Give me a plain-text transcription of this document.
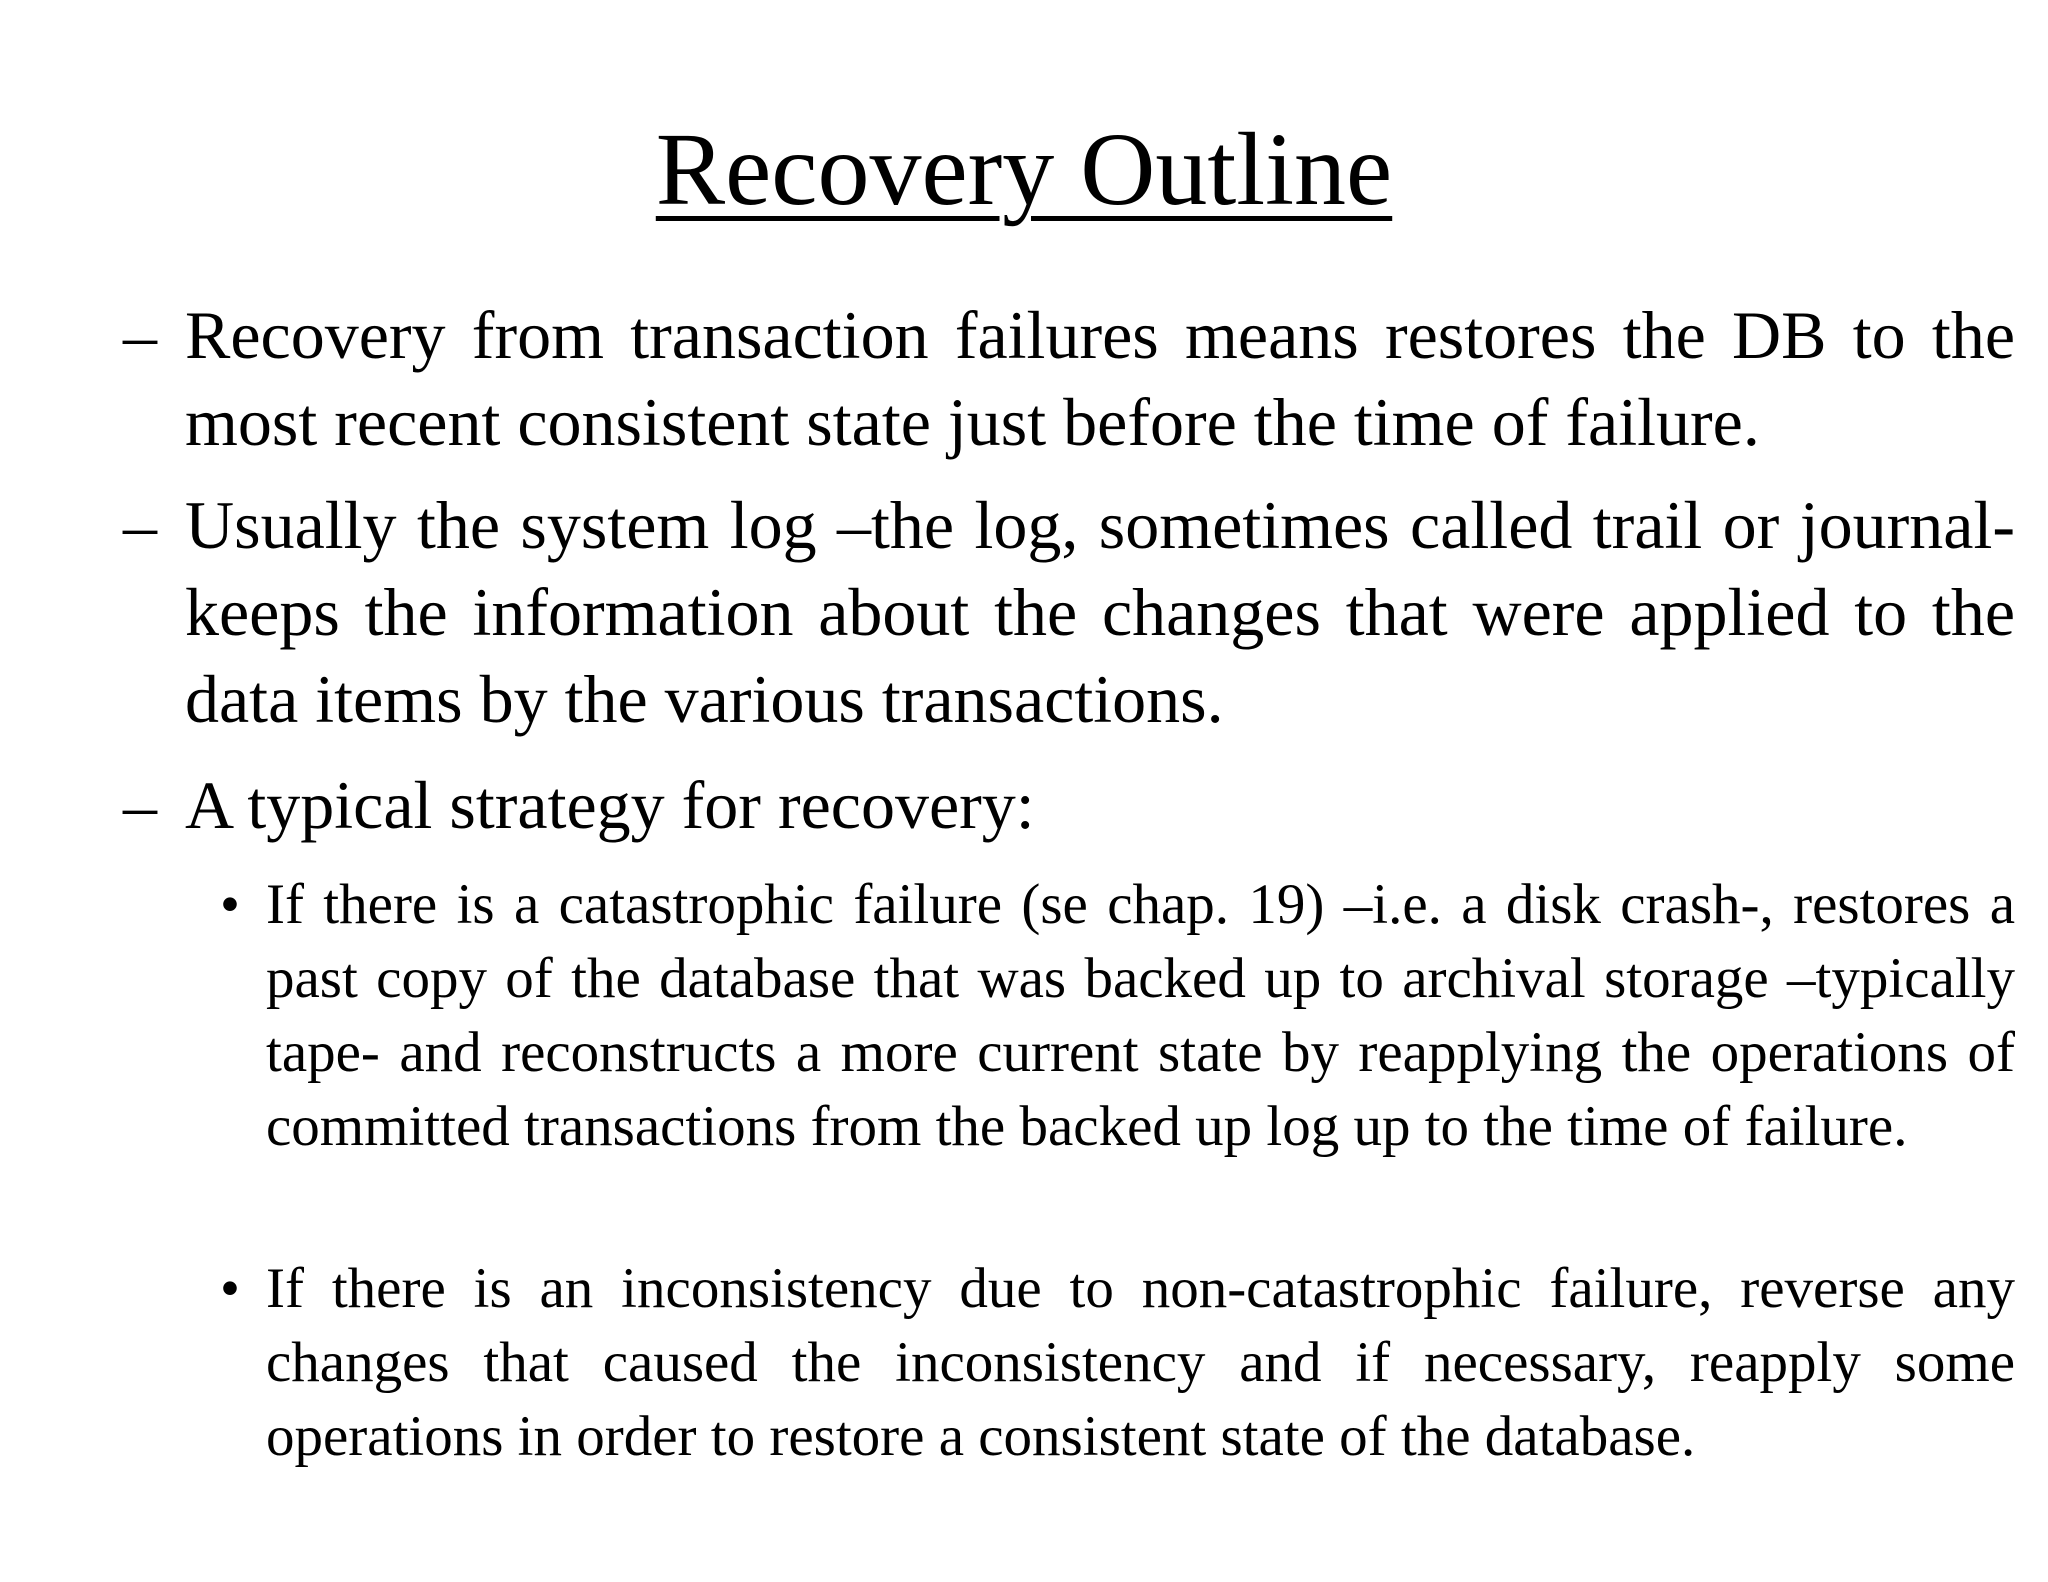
Recovery Outline
– Recovery from transaction failures means restores the DB to the most recent consistent state just before the time of failure.
– Usually the system log –the log, sometimes called trail or journal- keeps the information about the changes that were applied to the data items by the various transactions.
– A typical strategy for recovery:
• If there is a catastrophic failure (se chap. 19) –i.e. a disk crash-, restores a past copy of the database that was backed up to archival storage –typically tape- and reconstructs a more current state by reapplying the operations of committed transactions from the backed up log up to the time of failure.
• If there is an inconsistency due to non-catastrophic failure, reverse any changes that caused the inconsistency and if necessary, reapply some operations in order to restore a consistent state of the database.
